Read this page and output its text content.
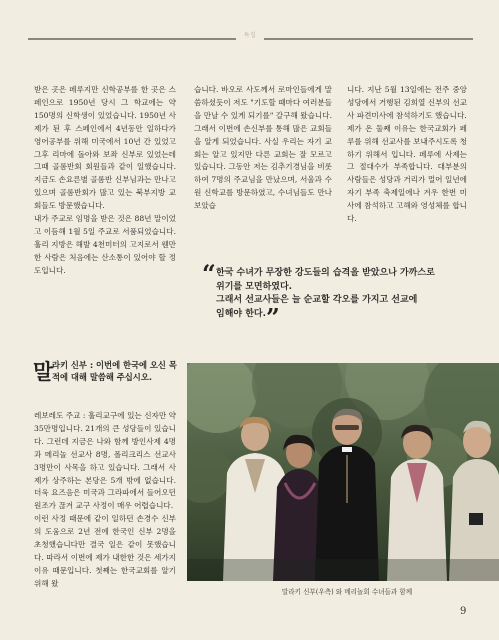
특집

받은 곳은 페루지만 신학공부를 한 곳은 스페인으로 1950년 당시 그 학교에는 약 150명의 신학생이 있었습니다. 1950년 사제가 된 후 스페인에서 4년동안 일하다가 영어공부를 위해 미국에서 10년 간 있었고 그후 리마에 돌아와 보좌 신부로 있었는데 그때 골롬반회 회원들과 같이 일했습니다. 지금도 손요른별 골롬반 신부님과는 만나고 있으며 골롬반회가 많고 있는 북부지방 교회들도 방문했습니다.
내가 주교로 임명을 받은 것은 88년 말이었고 이듬해 1월 5일 주교로 서품되었습니다. 훌리 지방은 해발 4천미터의 고지로서 웬만한 사람은 처음에는 산소통이 있어야 할 정도입니다.

습니다. 바오로 사도께서 로마인들에게 말씀하셨듯이 저도 "기도할 때마다 여러분들을 만날 수 있게 되기를" 갈구해 왔습니다. 그래서 이번에 손신부를 통해 많은 교회들을 알게 되었습니다. 사실 우리는 자기 교회는 알고 있지만 다른 교회는 잘 모르고 있습니다. 그동안 저는 김추기경님을 비롯하여 7명의 주교님을 만났으며, 서울과 수원 신학교를 방문하였고, 수녀님들도 만나 보았습

니다. 지난 5월 13일에는 전주 중앙성당에서 거행된 김희열 신부의 선교사 파견미사에 참석하기도 했습니다.
제가 온 둘째 이유는 한국교회가 페루를 위해 선교사를 보내주시도록 청하기 위해서 입니다. 페루에 사제는 그 절대수가 부족합니다. 대부분의 사람들은 성당과 거리가 멀어 일년에 자기 부족 축제일에나 겨우 한번 미사에 참석하고 고해와 영성체를 합니다.

“ 한국 수녀가 무장한 강도들의 습격을 받았으나 가까스로
위기를 모면하였다.
그래서 선교사들은 늘 순교할 각오를 가지고 선교에
임해야 한다. ”
말
라키 신부 : 이번에 한국에 오신 목적에 대해 말씀해 주십시오.

레보레도 주교 : 훌리교구에 있는 신자만 약 35만명입니다. 21개의 큰 성당들이 있습니다. 그런데 지금은 나와 함께 방인사제 4명과 메리놀 선교사 8명, 폴리크리스 선교사 3명만이 사목을 하고 있습니다. 그래서 사제가 상주하는 본당은 5개 밖에 없습니다. 더욱 요즈음은 미국과 그라파에서 들어오던 원조가 끊겨 교구 사정이 매우 어렵습니다.
이런 사정 때문에 같이 일하던 손경수 신부의 도움으로 2년 전에 한국인 신부 2명을 초청했습니다만 결국 일은 같이 못했습니다. 따라서 이번에 제가 내한한 것은 세가지 이유 때문입니다. 첫째는 한국교회를 알기 위해 왔

말라키 신부(우측) 와 메리놀회 수녀들과 함께
9
